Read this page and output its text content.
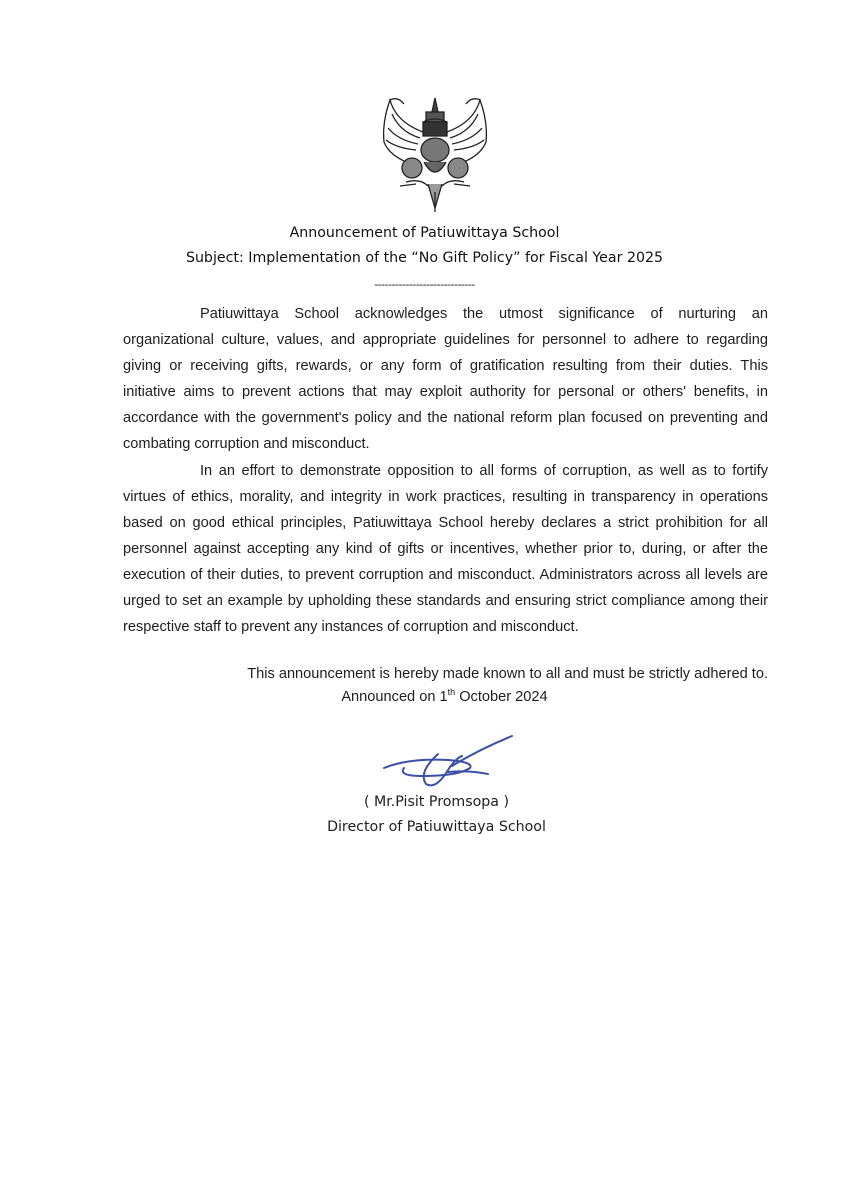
Announcement of Patiuwittaya School
Subject: Implementation of the “No Gift Policy” for Fiscal Year 2025
-----------------------------

Patiuwittaya School acknowledges the utmost significance of nurturing an organizational culture, values, and appropriate guidelines for personnel to adhere to regarding giving or receiving gifts, rewards, or any form of gratification resulting from their duties. This initiative aims to prevent actions that may exploit authority for personal or others' benefits, in accordance with the government's policy and the national reform plan focused on preventing and combating corruption and misconduct.

In an effort to demonstrate opposition to all forms of corruption, as well as to fortify virtues of ethics, morality, and integrity in work practices, resulting in transparency in operations based on good ethical principles, Patiuwittaya School hereby declares a strict prohibition for all personnel against accepting any kind of gifts or incentives, whether prior to, during, or after the execution of their duties, to prevent corruption and misconduct. Administrators across all levels are urged to set an example by upholding these standards and ensuring strict compliance among their respective staff to prevent any instances of corruption and misconduct.

This announcement is hereby made known to all and must be strictly adhered to.
Announced on 1th October 2024
( Mr.Pisit Promsopa )
Director of Patiuwittaya School
